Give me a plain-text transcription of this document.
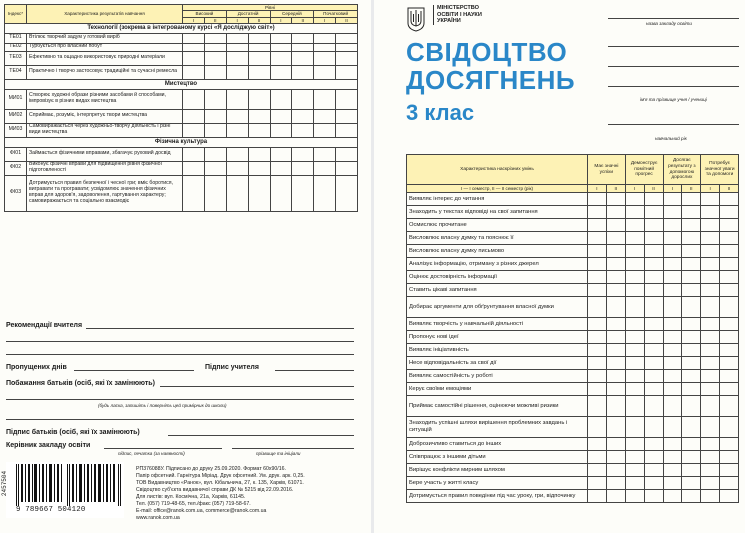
Індекс*	Характеристика результатів навчання	Рівні							
		Високий		Достатній		Середній		Початковий	
		І	ІІ	І	ІІ	І	ІІ	І	ІІ
Технології (зокрема в інтегрованому курсі «Я досліджую світ»)									
ТЕ01	Втілює творчий задум у готовий виріб								
ТЕ02	Турбується про власний побут								
ТЕ03	Ефективно та ощадно використовує природні матеріали								
ТЕ04	Практично і творчо застосовує традиційні та сучасні ремесла								
Мистецтво									
МИ01	Створює художні образи різними засобами й способами, імпровізує в різних видах мистецтва								
МИ02	Сприймає, розуміє, інтерпретує твори мистецтва								
МИ03	Самовиражається через художньо-творчу діяльність і різні види мистецтва								
Фізична культура									
ФІ01	Займається фізичними вправами, збагачує руховий досвід								
ФІ02	Виконує фізичні вправи для підвищення рівня фізичної підготовленості								
ФІ03	Дотримується правил безпечної і чесної гри; вміє боротися, вигравати та програвати; усвідомлює значення фізичних вправ для здоров'я, задоволення, гартування характеру; самовиражається та соціально взаємодіє								
Рекомендації вчителя
Пропущених днів	Підпис учителя
Побажання батьків (осіб, які їх замінюють)
(будь ласка, запишіть і поверніть цей примірник до школи)
Підпис батьків (осіб, які їх замінюють)
Керівник закладу освіти
підпис, печатка (за наявності)	прізвище та ініціали
2457504
9 789667 504120
РП376088У. Підписано до друку 25.09.2020. Формат 60х90/16.
Папір офсетний. Гарнітура Мірiад. Друк офсетний. Ум. друк. арк. 0,25.
ТОВ Видавництво «Ранок», вул. Кібальчича, 27, к. 135, Харків, 61071.
Свідоцтво суб'єкта видавничої справи ДК № 5215 від 22.09.2016.
Для листів: вул. Космічна, 21а, Харків, 61145.
Тел. (057) 719-48-65, тел./факс (057) 719-58-67.
E-mail: office@ranok.com.ua, commerce@ranok.com.ua
www.ranok.com.ua
МІНІСТЕРСТВО
ОСВІТИ І НАУКИ
УКРАЇНИ
СВІДОЦТВО
ДОСЯГНЕНЬ
3 клас
назва закладу освіти
ім'я та прізвище учня / учениці
навчальний рік
Характеристика наскрізних умінь	Має значні успіхи		Демонструє помітний прогрес		Досягає результату з допомогою дорослих		Потребує значної уваги та допомоги	
І — І семестр, ІІ — ІІ семестр (рік)	І	ІІ	І	ІІ	І	ІІ	І	ІІ
Виявляє інтерес до читання								
Знаходить у текстах відповіді на свої запитання								
Осмислює прочитане								
Висловлює власну думку та пояснює її								
Висловлює власну думку письмово								
Аналізує інформацію, отриману з різних джерел								
Оцінює достовірність інформації								
Ставить цікаві запитання								
Добирає аргументи для обґрунтування власної думки								
Виявляє творчість у навчальній діяльності								
Пропонує нові ідеї								
Виявляє ініціативність								
Несе відповідальність за свої дії								
Виявляє самостійність у роботі								
Керує своїми емоціями								
Приймає самостійні рішення, оцінюючи можливі ризики								
Знаходить успішні шляхи вирішення проблемних завдань і ситуацій								
Доброзичливо ставиться до інших								
Співпрацює з іншими дітьми								
Вирішує конфлікти мирним шляхом								
Бере участь у житті класу								
Дотримується правил поведінки під час уроку, гри, відпочинку								
